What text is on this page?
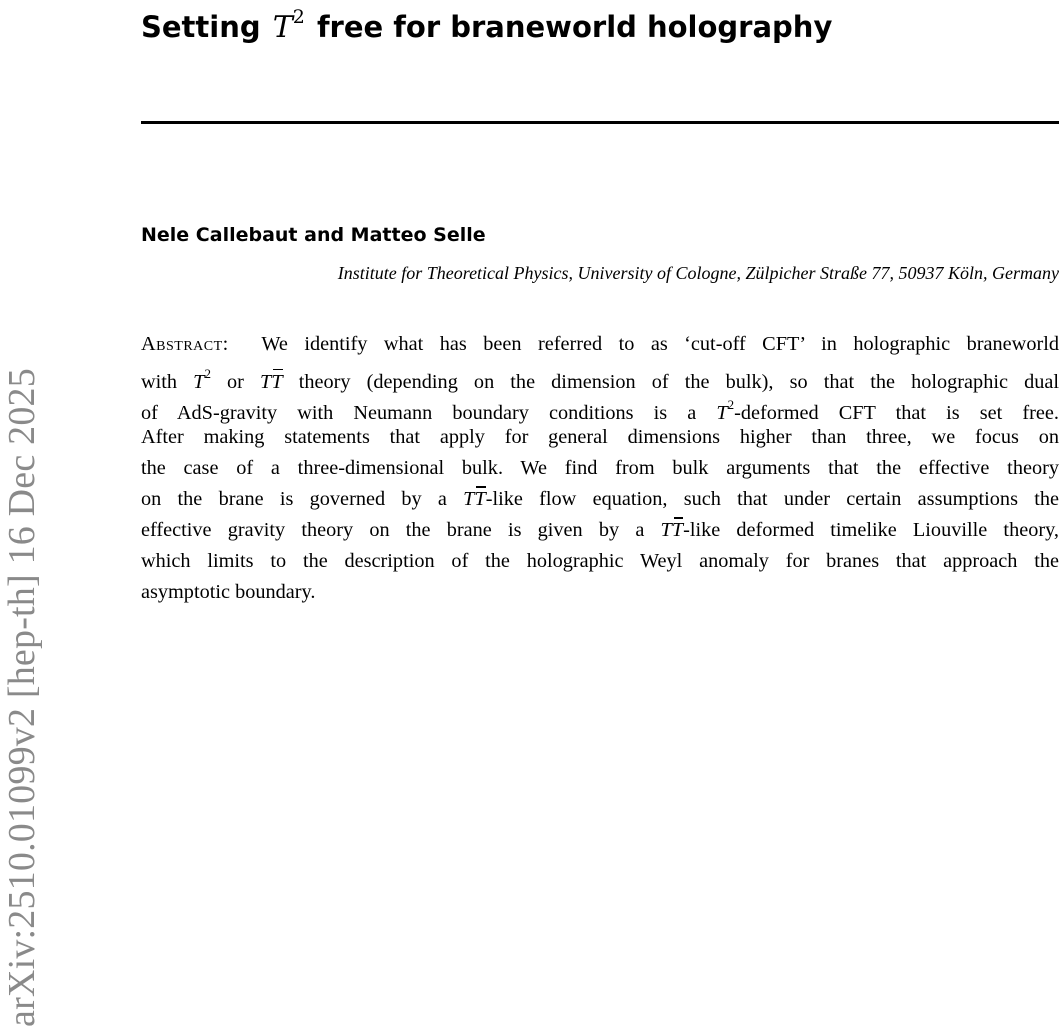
arXiv:2510.01099v2 [hep-th] 16 Dec 2025
Setting $T^2$ free for braneworld holography
Nele Callebaut and Matteo Selle
Institute for Theoretical Physics, University of Cologne, Zülpicher Straße 77, 50937 Köln, Germany
Abstract: We identify what has been referred to as ‘cut-off CFT’ in holographic braneworld
with $T^2$ or TT theory (depending on the dimension of the bulk), so that the holographic dual
of AdS-gravity with Neumann boundary conditions is a $T^2$-deformed CFT that is set free.
After making statements that apply for general dimensions higher than three, we focus on
the case of a three-dimensional bulk. We find from bulk arguments that the effective theory
on the brane is governed by a TT-like flow equation, such that under certain assumptions the
effective gravity theory on the brane is given by a TT-like deformed timelike Liouville theory,
which limits to the description of the holographic Weyl anomaly for branes that approach the
asymptotic boundary.
